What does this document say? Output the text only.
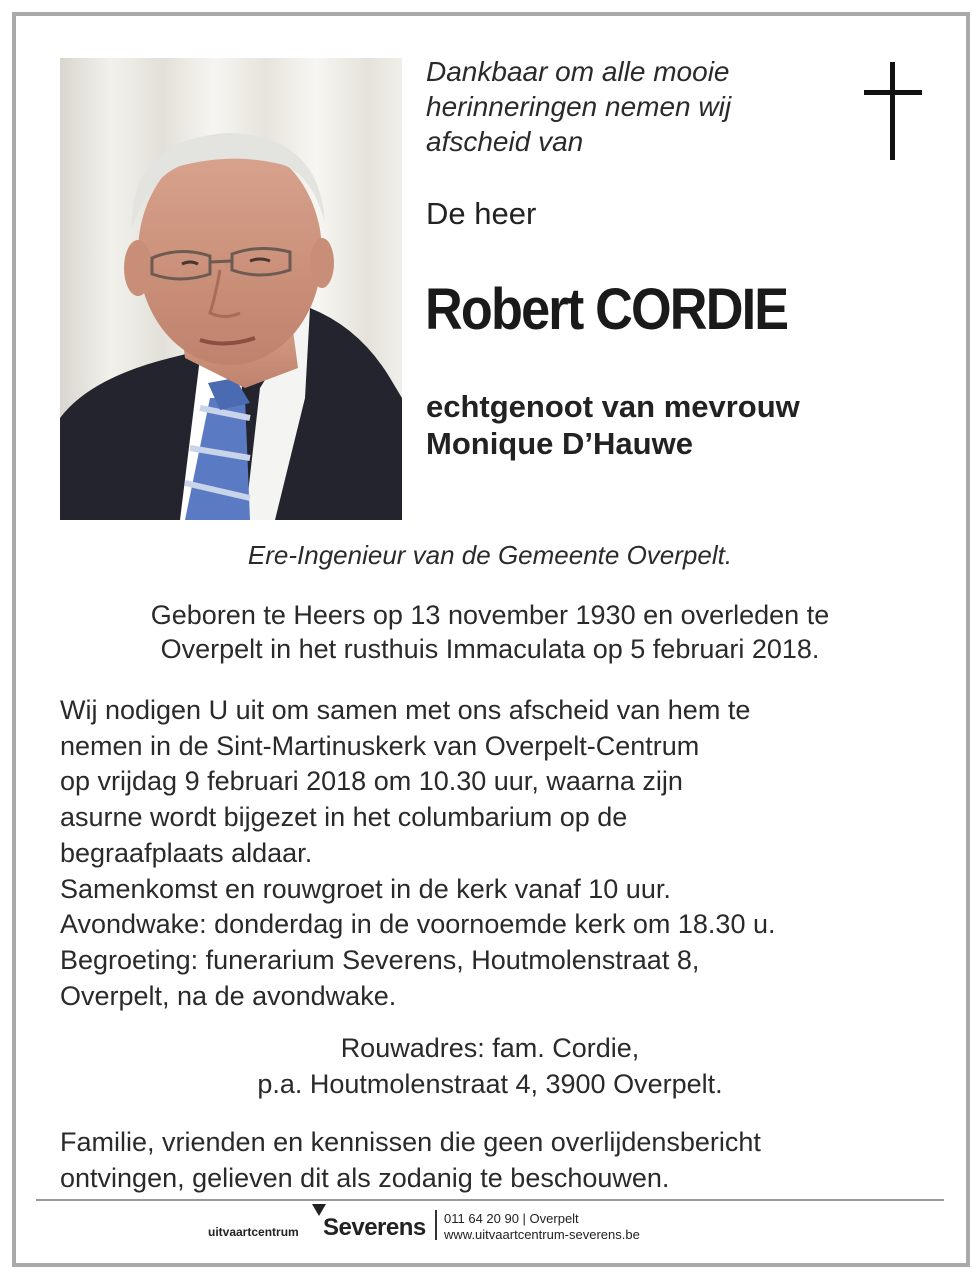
Dankbaar om alle mooie
herinneringen nemen wij
afscheid van
De heer
Robert CORDIE
echtgenoot van mevrouw
Monique D’Hauwe
Ere-Ingenieur van de Gemeente Overpelt.
Geboren te Heers op 13 november 1930 en overleden te
Overpelt in het rusthuis Immaculata op 5 februari 2018.
Wij nodigen U uit om samen met ons afscheid van hem te
nemen in de Sint-Martinuskerk van Overpelt-Centrum
op vrijdag 9 februari 2018 om 10.30 uur, waarna zijn
asurne wordt bijgezet in het columbarium op de
begraafplaats aldaar.
Samenkomst en rouwgroet in de kerk vanaf 10 uur.
Avondwake: donderdag in de voornoemde kerk om 18.30 u.
Begroeting: funerarium Severens, Houtmolenstraat 8,
Overpelt, na de avondwake.
Rouwadres: fam. Cordie,
p.a. Houtmolenstraat 4, 3900 Overpelt.
Familie, vrienden en kennissen die geen overlijdensbericht
ontvingen, gelieven dit als zodanig te beschouwen.
uitvaartcentrum Severens 011 64 20 90 | Overpelt
www.uitvaartcentrum-severens.be
